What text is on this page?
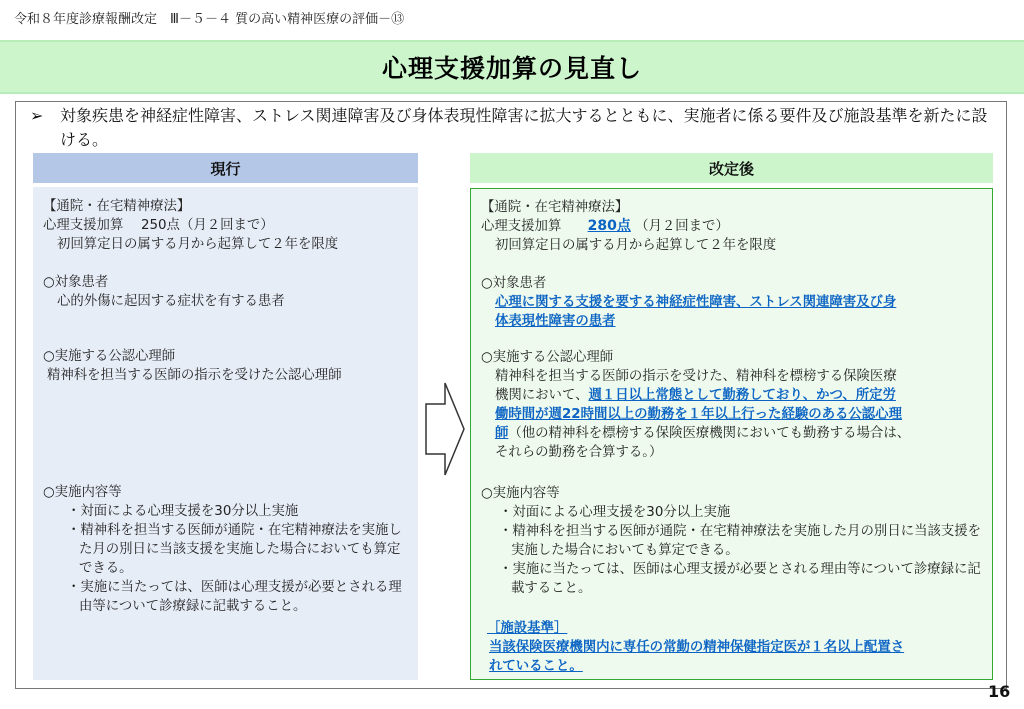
令和８年度診療報酬改定　Ⅲ－５－４ 質の高い精神医療の評価－⑬
心理支援加算の見直し
➢	対象疾患を神経症性障害、ストレス関連障害及び身体表現性障害に拡大するとともに、実施者に係る要件及び施設基準を新たに設ける。
現行	改定後
【通院・在宅精神療法】
心理支援加算　 250点（月２回まで）
初回算定日の属する月から起算して２年を限度
○対象患者
心的外傷に起因する症状を有する患者
○実施する公認心理師
精神科を担当する医師の指示を受けた公認心理師
○実施内容等
・対面による心理支援を30分以上実施
・精神科を担当する医師が通院・在宅精神療法を実施した月の別日に当該支援を実施した場合においても算定できる。
・実施に当たっては、医師は心理支援が必要とされる理由等について診療録に記載すること。
【通院・在宅精神療法】
心理支援加算 280点 （月２回まで）
初回算定日の属する月から起算して２年を限度
○対象患者
心理に関する支援を要する神経症性障害、ストレス関連障害及び身
体表現性障害の患者
○実施する公認心理師
精神科を担当する医師の指示を受けた、精神科を標榜する保険医療
機関において、週１日以上常態として勤務しており、かつ、所定労
働時間が週22時間以上の勤務を１年以上行った経験のある公認心理
師（他の精神科を標榜する保険医療機関においても勤務する場合は、
それらの勤務を合算する。）
○実施内容等
・対面による心理支援を30分以上実施
・精神科を担当する医師が通院・在宅精神療法を実施した月の別日に当該支援を実施した場合においても算定できる。
・実施に当たっては、医師は心理支援が必要とされる理由等について診療録に記載すること。
［施設基準］
当該保険医療機関内に専任の常勤の精神保健指定医が１名以上配置さ
れていること。
16
